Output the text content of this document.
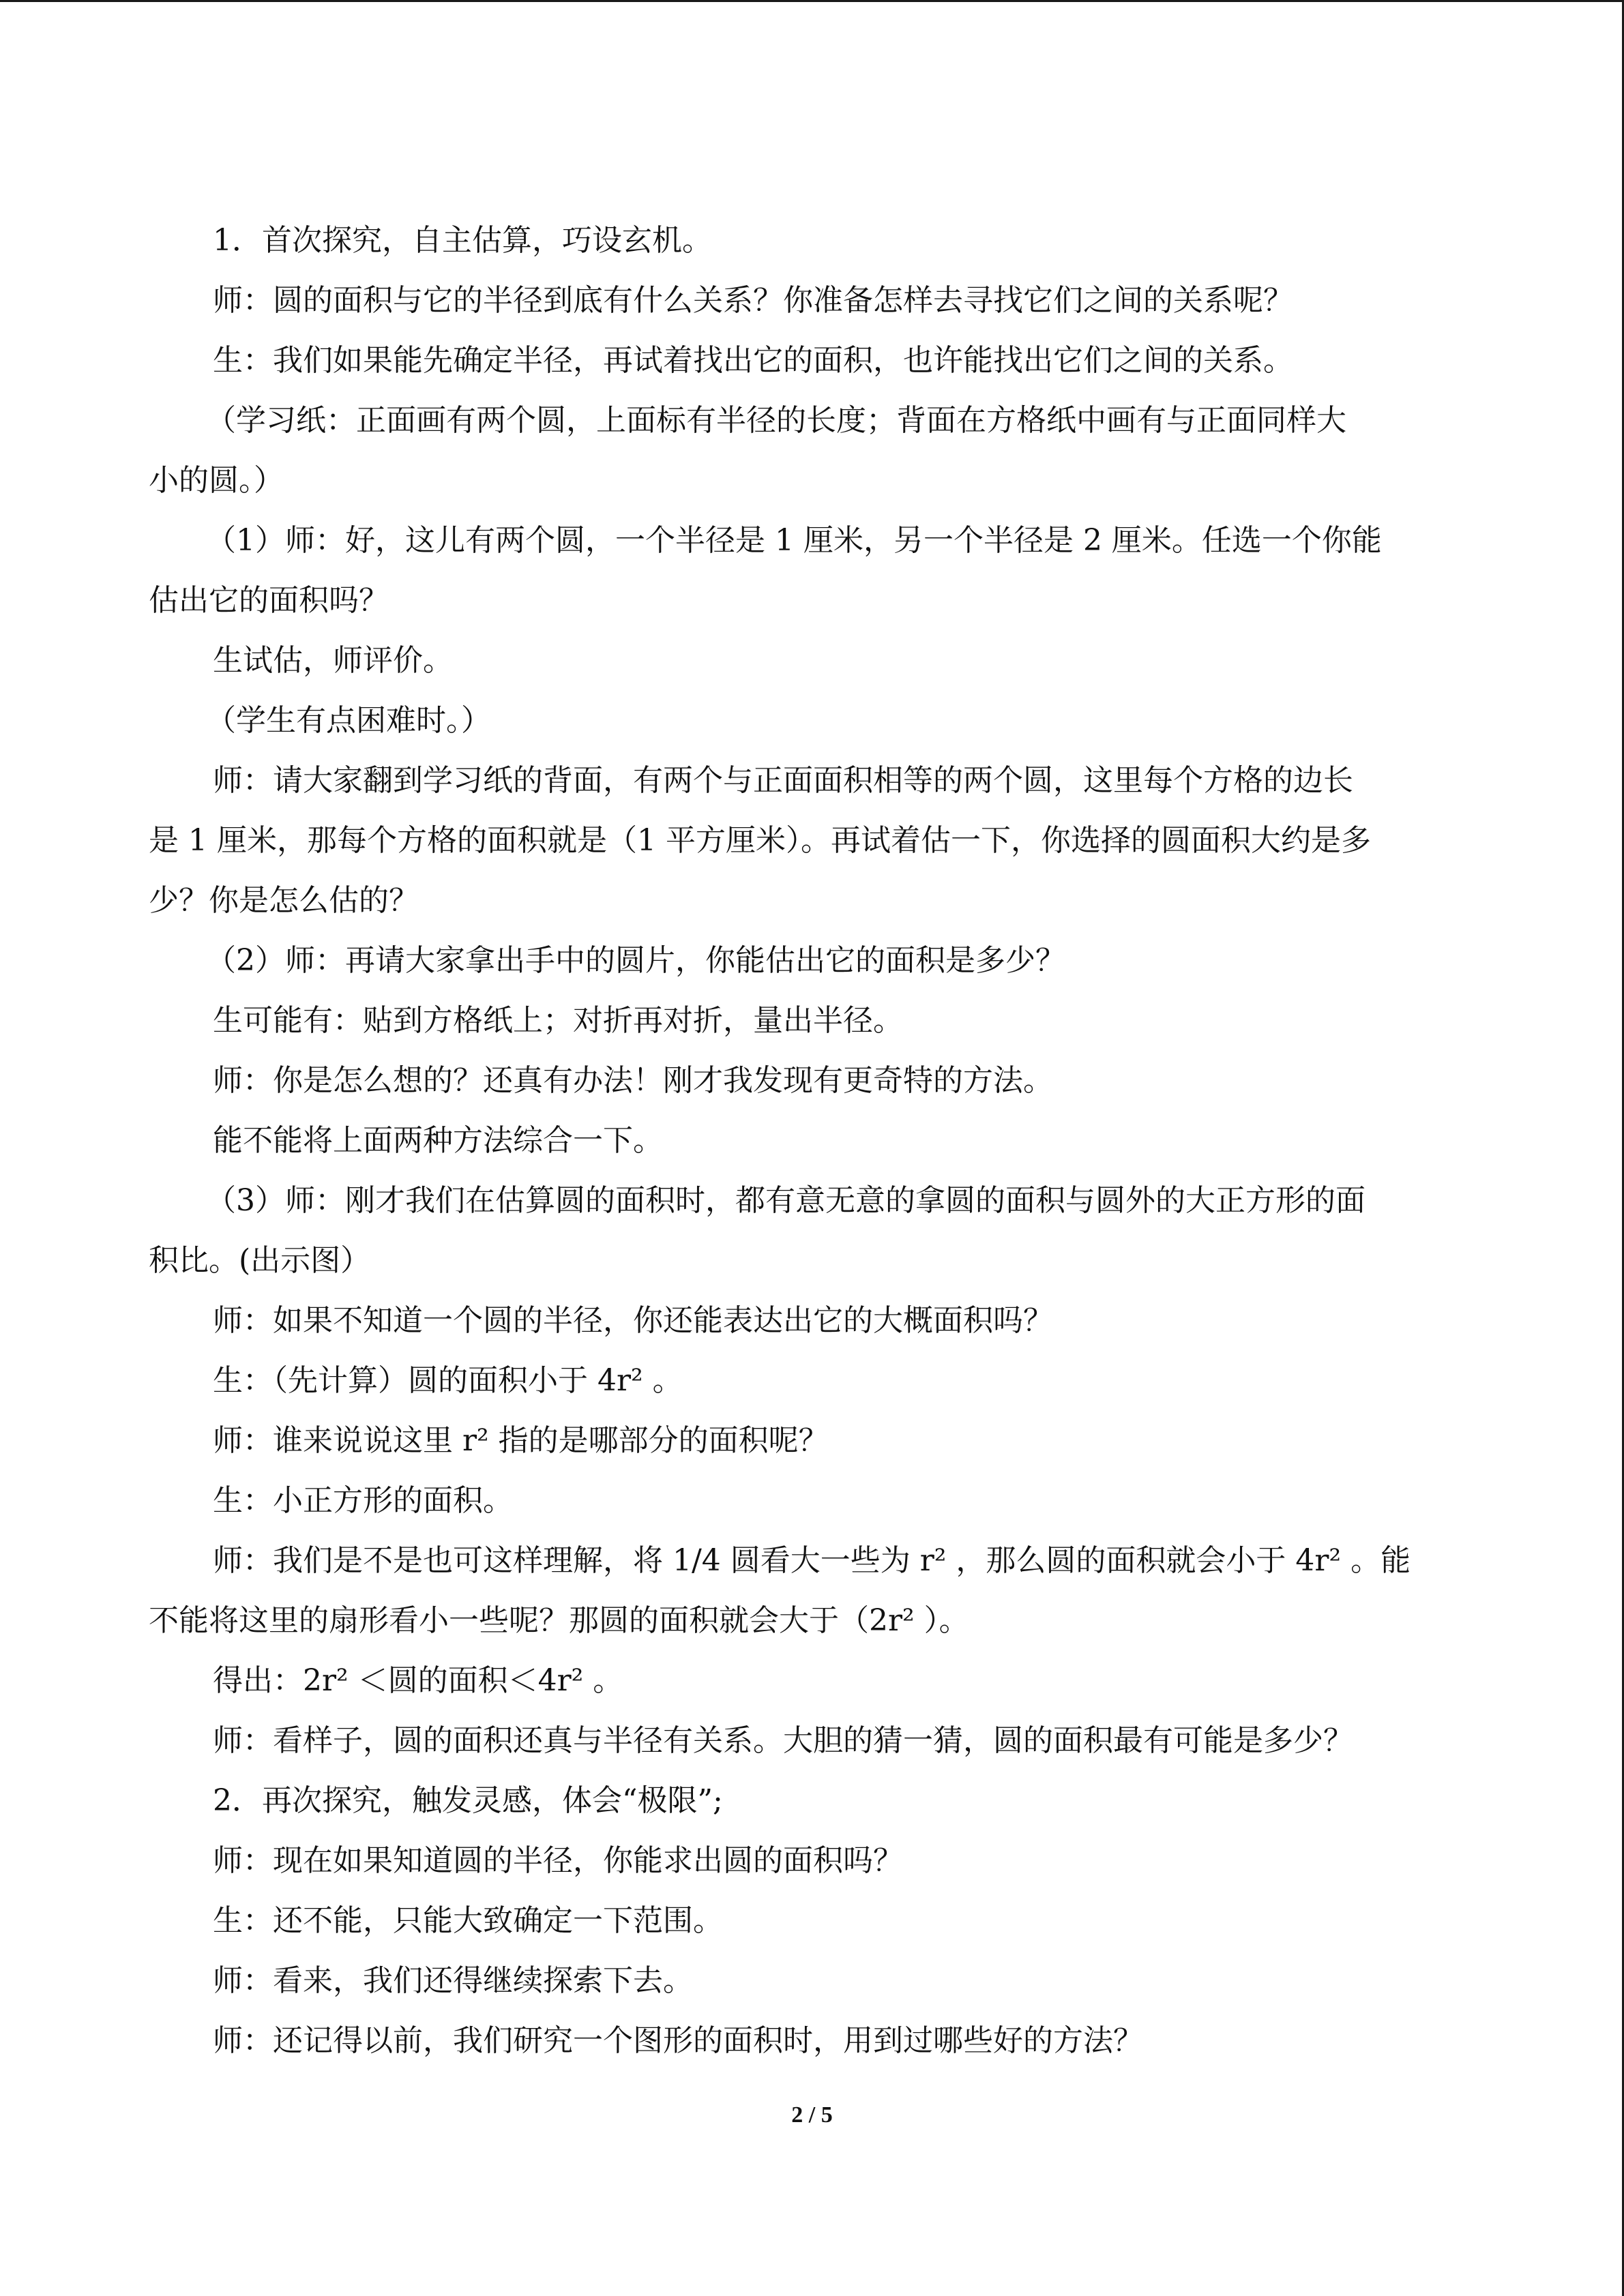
1．首次探究，自主估算，巧设玄机。
师：圆的面积与它的半径到底有什么关系？你准备怎样去寻找它们之间的关系呢？
生：我们如果能先确定半径，再试着找出它的面积，也许能找出它们之间的关系。
（学习纸：正面画有两个圆，上面标有半径的长度；背面在方格纸中画有与正面同样大
小的圆。）
（1）师：好，这儿有两个圆，一个半径是 1 厘米，另一个半径是 2 厘米。任选一个你能
估出它的面积吗？
生试估，师评价。
（学生有点困难时。）
师：请大家翻到学习纸的背面，有两个与正面面积相等的两个圆，这里每个方格的边长
是 1 厘米，那每个方格的面积就是（1 平方厘米）。再试着估一下，你选择的圆面积大约是多
少？你是怎么估的？
（2）师：再请大家拿出手中的圆片，你能估出它的面积是多少？
生可能有：贴到方格纸上；对折再对折，量出半径。
师：你是怎么想的？还真有办法！刚才我发现有更奇特的方法。
能不能将上面两种方法综合一下。
（3）师：刚才我们在估算圆的面积时，都有意无意的拿圆的面积与圆外的大正方形的面
积比。(出示图）
师：如果不知道一个圆的半径，你还能表达出它的大概面积吗？
生：（先计算）圆的面积小于 4r² 。
师：谁来说说这里 r² 指的是哪部分的面积呢？
生：小正方形的面积。
师：我们是不是也可这样理解，将 1/4 圆看大一些为 r² ，那么圆的面积就会小于 4r² 。能
不能将这里的扇形看小一些呢？那圆的面积就会大于（2r² ）。
得出：2r² ＜圆的面积＜4r² 。
师：看样子，圆的面积还真与半径有关系。大胆的猜一猜，圆的面积最有可能是多少？
2．再次探究，触发灵感，体会“极限”;
师：现在如果知道圆的半径，你能求出圆的面积吗？
生：还不能，只能大致确定一下范围。
师：看来，我们还得继续探索下去。
师：还记得以前，我们研究一个图形的面积时，用到过哪些好的方法？
2 / 5
